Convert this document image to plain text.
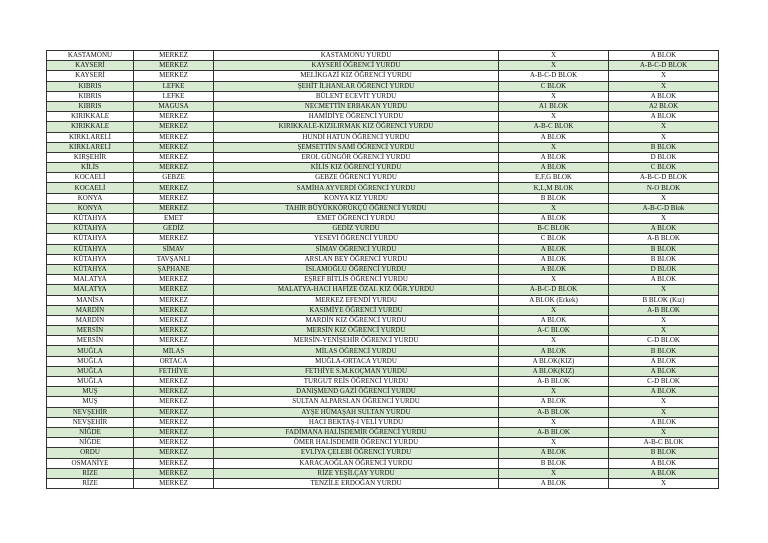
KASTAMONU	MERKEZ	KASTAMONU YURDU	X	A BLOK
KAYSERİ	MERKEZ	KAYSERİ ÖĞRENCİ YURDU	X	A-B-C-D BLOK
KAYSERİ	MERKEZ	MELİKGAZİ KIZ ÖĞRENCİ YURDU	A-B-C-D BLOK	X
KIBRIS	LEFKE	ŞEHİT İLHANLAR ÖĞRENCİ YURDU	C BLOK	X
KIBRIS	LEFKE	BÜLENT ECEVİT YURDU	X	A BLOK
KIBRIS	MAGUSA	NECMETTİN ERBAKAN YURDU	A1 BLOK	A2 BLOK
KIRIKKALE	MERKEZ	HAMİDİYE ÖĞRENCİ YURDU	X	A BLOK
KIRIKKALE	MERKEZ	KIRIKKALE-KIZILIRMAK KIZ ÖĞRENCİ YURDU	A-B-C BLOK	X
KIRKLARELİ	MERKEZ	HUNDİ HATUN ÖĞRENCİ YURDU	A BLOK	X
KIRKLARELİ	MERKEZ	ŞEMSETTİN SAMİ ÖĞRENCİ YURDU	X	B BLOK
KIRŞEHİR	MERKEZ	EROL GÜNGÖR ÖĞRENCİ YURDU	A BLOK	D BLOK
KİLİS	MERKEZ	KİLİS KIZ ÖĞRENCİ YURDU	A BLOK	C BLOK
KOCAELİ	GEBZE	GEBZE ÖĞRENCİ YURDU	E,F,G BLOK	A-B-C-D BLOK
KOCAELİ	MERKEZ	SAMİHA AYVERDİ ÖĞRENCİ YURDU	K,L,M BLOK	N-O BLOK
KONYA	MERKEZ	KONYA KIZ YURDU	B BLOK	X
KONYA	MERKEZ	TAHİR BÜYÜKKÖRÜKÇÜ ÖĞRENCİ YURDU	X	A-B-C-D Blok
KÜTAHYA	EMET	EMET ÖĞRENCİ YURDU	A BLOK	X
KÜTAHYA	GEDİZ	GEDİZ YURDU	B-C BLOK	A BLOK
KÜTAHYA	MERKEZ	YESEVİ ÖĞRENCİ YURDU	C BLOK	A-B BLOK
KÜTAHYA	SİMAV	SİMAV ÖĞRENCİ YURDU	A BLOK	B BLOK
KÜTAHYA	TAVŞANLI	ARSLAN BEY ÖĞRENCİ YURDU	A BLOK	B BLOK
KÜTAHYA	ŞAPHANE	İSLAMOĞLU ÖĞRENCİ YURDU	A BLOK	D BLOK
MALATYA	MERKEZ	EŞREF BİTLİS ÖĞRENCİ YURDU	X	A BLOK
MALATYA	MERKEZ	MALATYA-HACI HAFİZE ÖZAL KIZ ÖĞR.YURDU	A-B-C-D BLOK	X
MANİSA	MERKEZ	MERKEZ EFENDİ YURDU	A BLOK (Erkek)	B BLOK (Kız)
MARDİN	MERKEZ	KASIMİYE ÖĞRENCİ YURDU	X	A-B BLOK
MARDİN	MERKEZ	MARDİN KIZ ÖĞRENCİ YURDU	A BLOK	X
MERSİN	MERKEZ	MERSİN KIZ ÖĞRENCİ YURDU	A-C BLOK	X
MERSİN	MERKEZ	MERSİN-YENİŞEHİR ÖĞRENCİ YURDU	X	C-D BLOK
MUĞLA	MİLAS	MİLAS ÖĞRENCİ YURDU	A BLOK	B BLOK
MUĞLA	ORTACA	MUĞLA-ORTACA YURDU	A BLOK(KIZ)	A BLOK
MUĞLA	FETHİYE	FETHİYE S.M.KOÇMAN YURDU	A BLOK(KIZ)	A BLOK
MUĞLA	MERKEZ	TURGUT REİS ÖĞRENCİ YURDU	A-B BLOK	C-D BLOK
MUŞ	MERKEZ	DANIŞMEND GAZİ ÖĞRENCİ YURDU	X	A BLOK
MUŞ	MERKEZ	SULTAN ALPARSLAN ÖĞRENCİ YURDU	A BLOK	X
NEVŞEHİR	MERKEZ	AYŞE HÜMAŞAH SULTAN YURDU	A-B BLOK	X
NEVŞEHİR	MERKEZ	HACI BEKTAŞ-I VELİ YURDU	X	A BLOK
NİĞDE	MERKEZ	FADİMANA HALİSDEMİR ÖĞRENCİ YURDU	A-B BLOK	X
NİĞDE	MERKEZ	ÖMER HALİSDEMİR ÖĞRENCİ YURDU	X	A-B-C BLOK
ORDU	MERKEZ	EVLİYA ÇELEBİ ÖĞRENCİ YURDU	A BLOK	B BLOK
OSMANİYE	MERKEZ	KARACAOĞLAN ÖĞRENCİ YURDU	B BLOK	A BLOK
RİZE	MERKEZ	RİZE YEŞİLÇAY YURDU	X	A BLOK
RİZE	MERKEZ	TENZİLE ERDOĞAN YURDU	A BLOK	X
